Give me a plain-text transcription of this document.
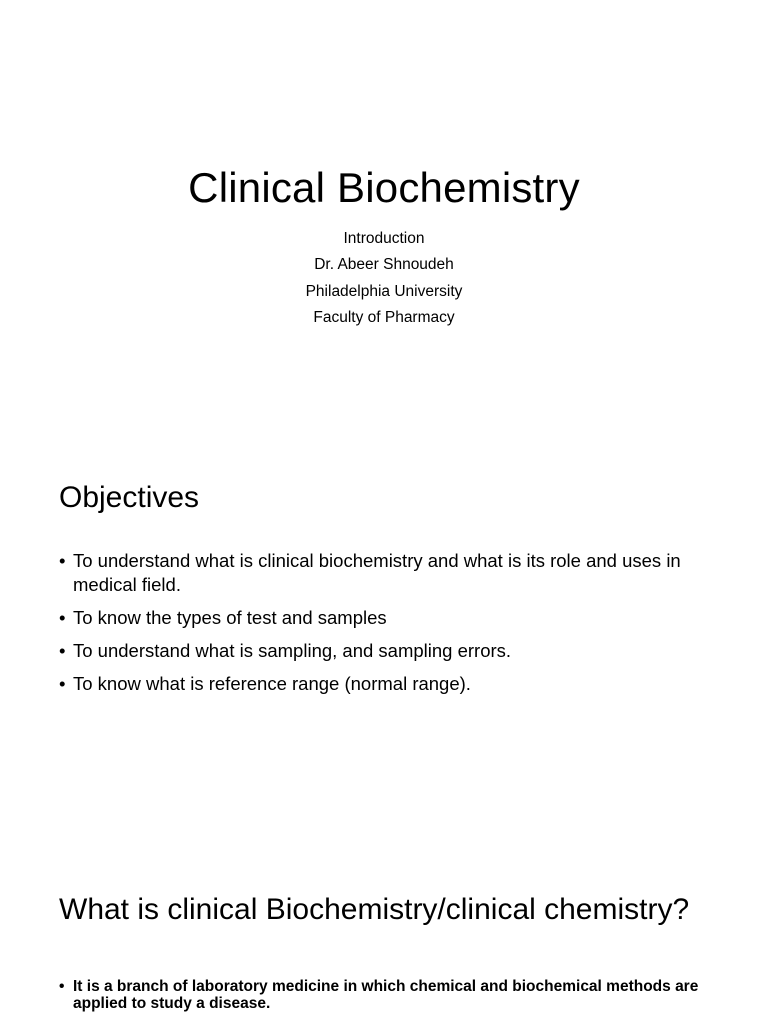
Clinical Biochemistry
Introduction
Dr. Abeer Shnoudeh
Philadelphia University
Faculty of Pharmacy
Objectives
• To understand what is clinical biochemistry and what is its role and uses in medical field.
• To know the types of test and samples
• To understand what is sampling, and sampling errors.
• To know what is reference range (normal range).
What is clinical Biochemistry/clinical chemistry?
• It is a branch of laboratory medicine in which chemical and biochemical methods are applied to study a disease.
